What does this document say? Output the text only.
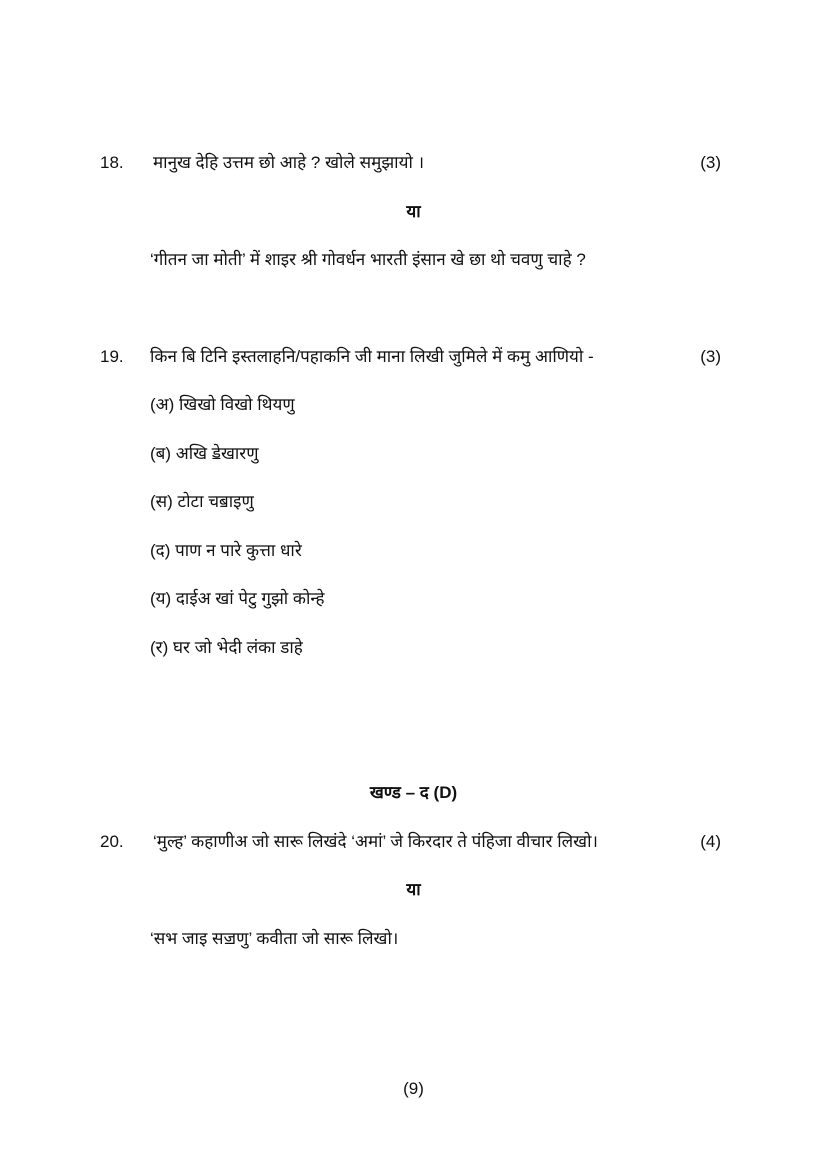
18. मानुख देहि उत्तम छो आहे ? खोले समुझायो ।	(3)
या
‘गीतन जा मोती’ में शाइर श्री गोवर्धन भारती इंसान खे छा थो चवणु चाहे ?
19. किन बि टिनि इस्तलाहनि/पहाकनि जी माना लिखी जुमिले में कमु आणियो -	(3)
(अ) खिखो विखो थियणु
(ब) अखि ॾेखारणु
(स) टोटा चॿाइणु
(द) पाण न पारे कुत्ता धारे
(य) दाईअ खां पेटु गुझो कोन्हे
(र) घर जो भेदी लंका डाहे
खण्ड – द (D)
20. ‘मुल्ह’ कहाणीअ जो सारू लिखंदे ‘अमां’ जे किरदार ते पंहिजा वीचार लिखो।	(4)
या
‘सभ जाइ सॼणु’ कवीता जो सारू लिखो।
(9)
